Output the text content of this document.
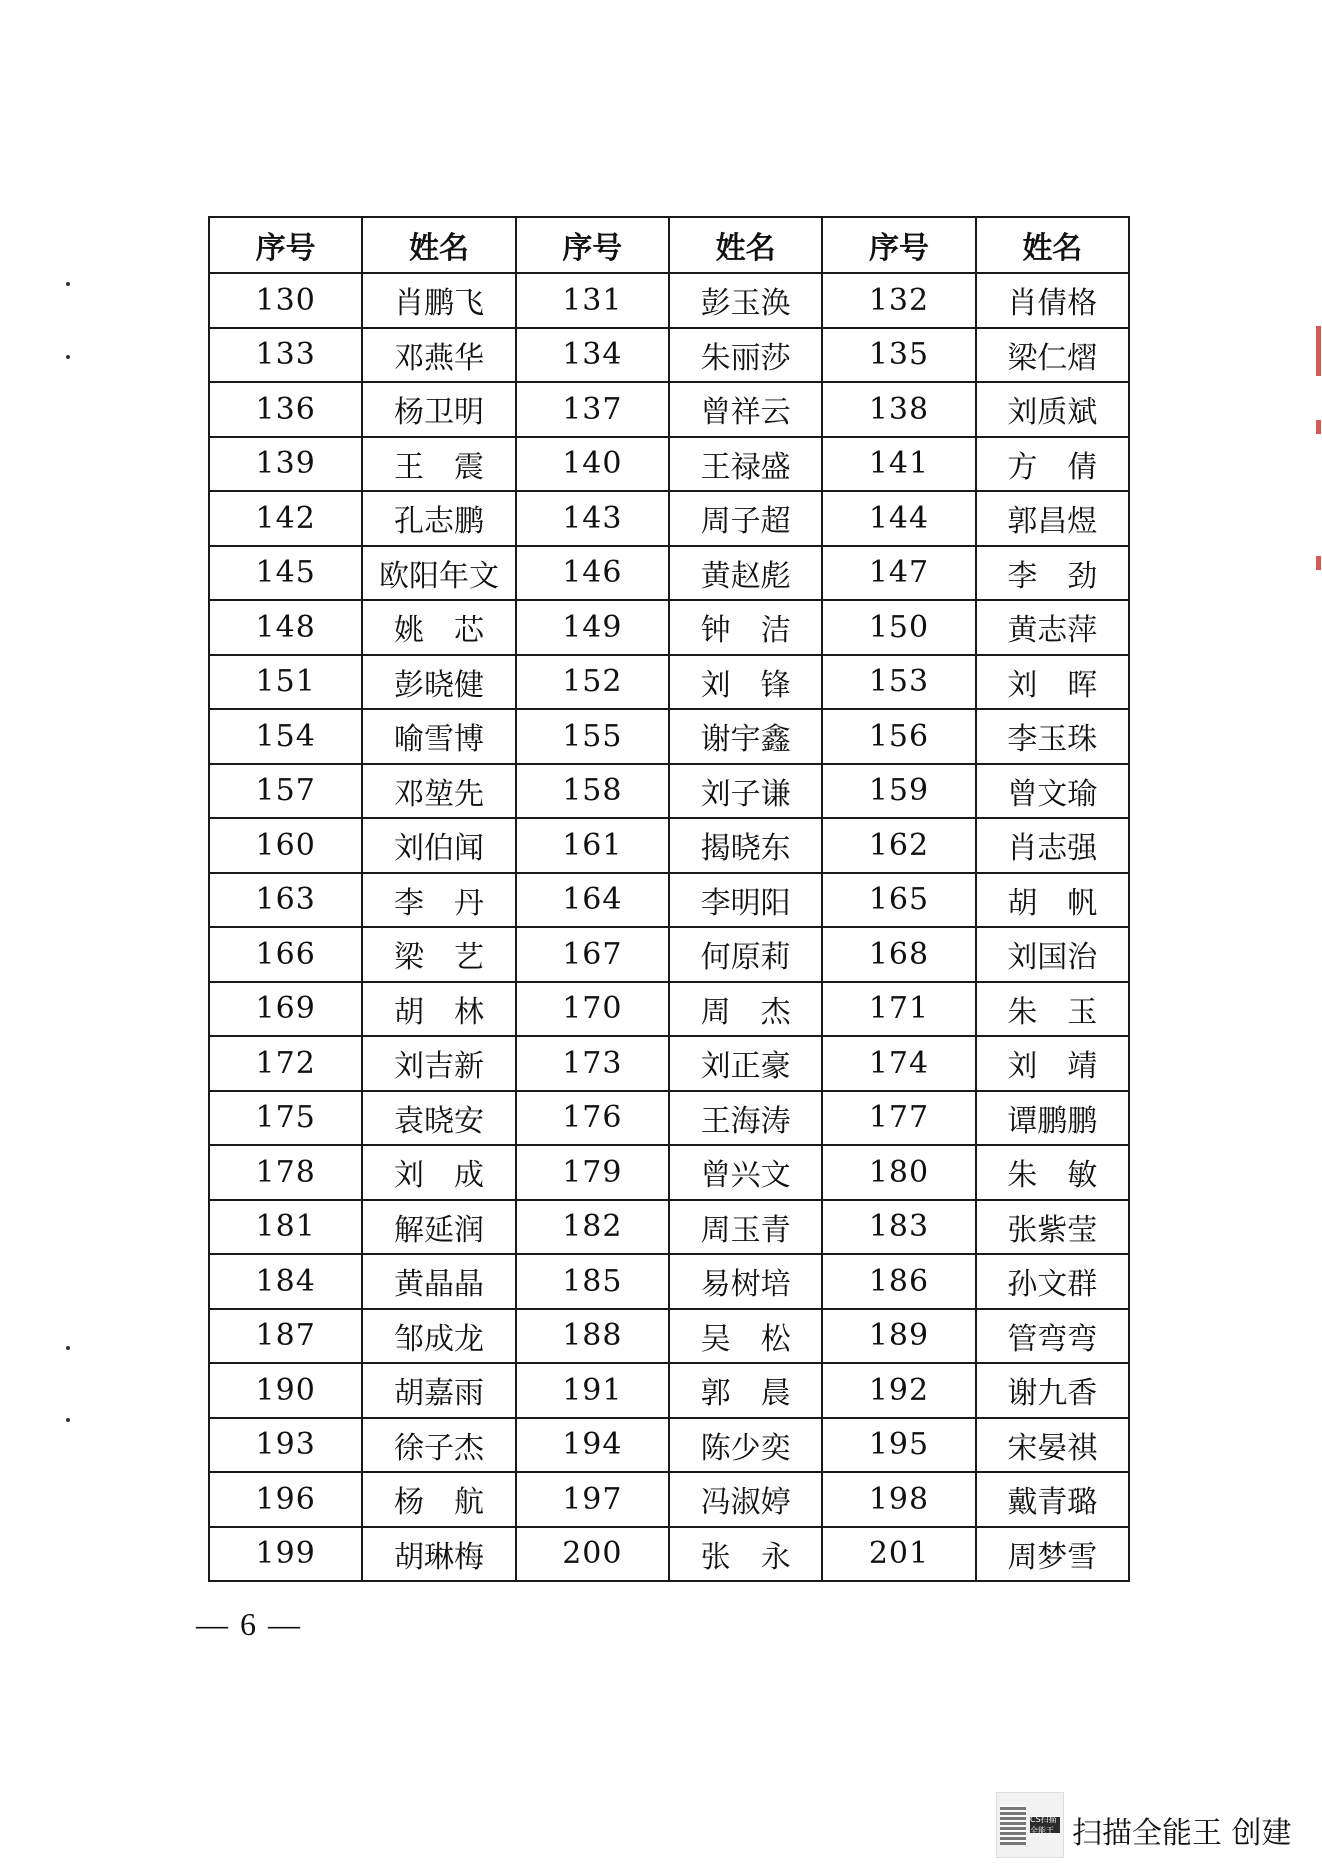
序号	姓名	序号	姓名	序号	姓名
130	肖鹏飞	131	彭玉涣	132	肖倩格
133	邓燕华	134	朱丽莎	135	梁仁熠
136	杨卫明	137	曾祥云	138	刘质斌
139	王　震	140	王禄盛	141	方　倩
142	孔志鹏	143	周子超	144	郭昌煜
145	欧阳年文	146	黄赵彪	147	李　劲
148	姚　芯	149	钟　洁	150	黄志萍
151	彭晓健	152	刘　锋	153	刘　晖
154	喻雪博	155	谢宇鑫	156	李玉珠
157	邓堃先	158	刘子谦	159	曾文瑜
160	刘伯闻	161	揭晓东	162	肖志强
163	李　丹	164	李明阳	165	胡　帆
166	梁　艺	167	何原莉	168	刘国治
169	胡　林	170	周　杰	171	朱　玉
172	刘吉新	173	刘正豪	174	刘　靖
175	袁晓安	176	王海涛	177	谭鹏鹏
178	刘　成	179	曾兴文	180	朱　敏
181	解延润	182	周玉青	183	张紫莹
184	黄晶晶	185	易树培	186	孙文群
187	邹成龙	188	吴　松	189	管弯弯
190	胡嘉雨	191	郭　晨	192	谢九香
193	徐子杰	194	陈少奕	195	宋晏祺
196	杨　航	197	冯淑婷	198	戴青璐
199	胡琳梅	200	张　永	201	周梦雪
— 6 —
CS扫描全能王 扫描全能王 创建
